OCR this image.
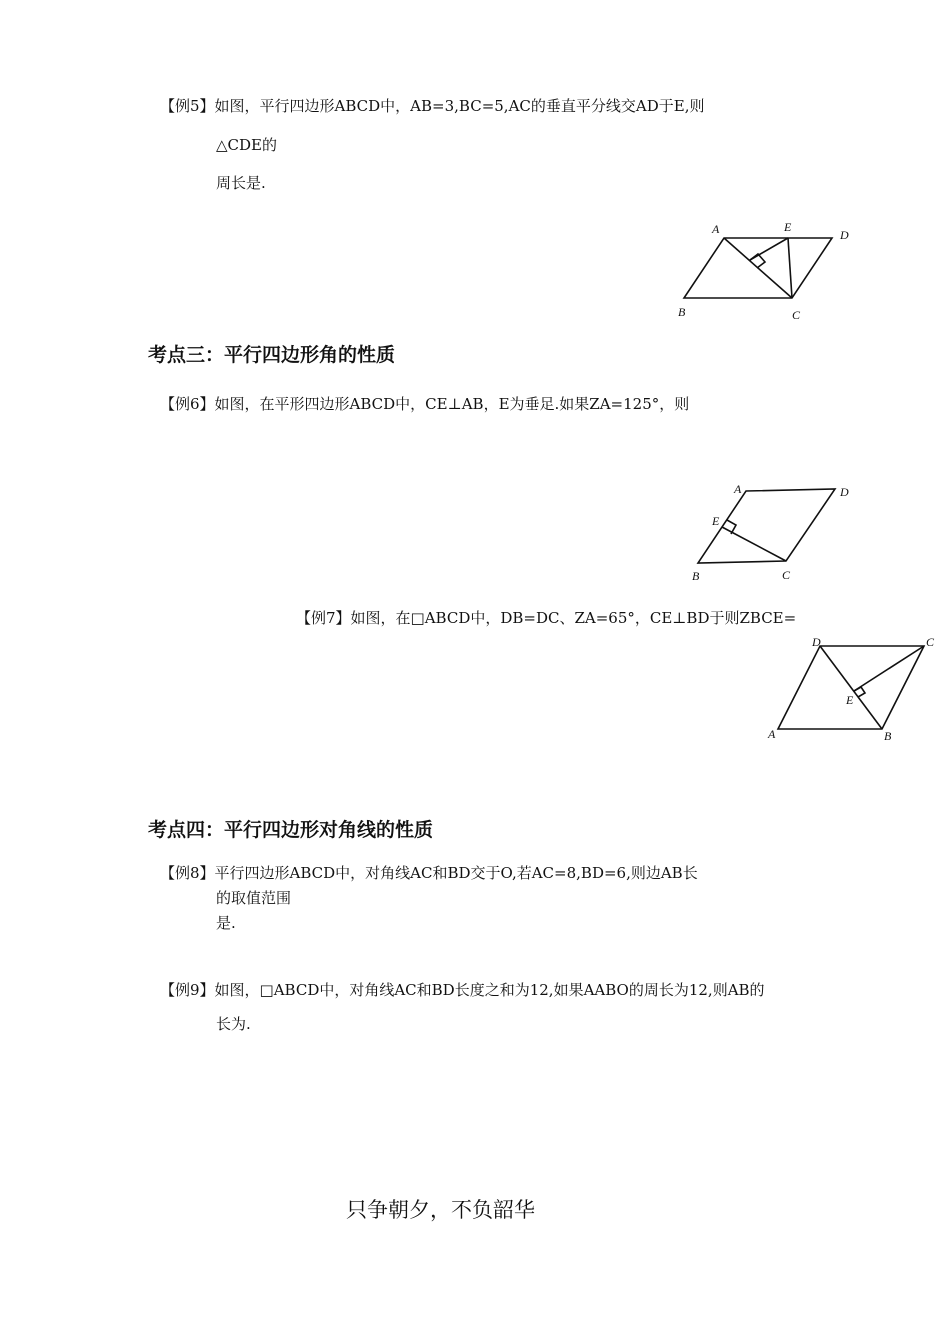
【例5】如图，平行四边形ABCD中，AB=3,BC=5,AC的垂直平分线交AD于E,则
△CDE的
周长是.
A	E
D
B	C
考点三：平行四边形角的性质
【例6】如图，在平形四边形ABCD中，CE⊥AB，E为垂足.如果ZA=125°，则
A	D
E
B	C
【例7】如图，在□ABCD中，DB=DC、ZA=65°，CE⊥BD于则ZBCE=
D	C
E
A	B
考点四：平行四边形对角线的性质
【例8】平行四边形ABCD中，对角线AC和BD交于O,若AC=8,BD=6,则边AB长
的取值范围
是.
【例9】如图，□ABCD中，对角线AC和BD长度之和为12,如果AABO的周长为12,则AB的
长为.
只争朝夕，不负韶华
